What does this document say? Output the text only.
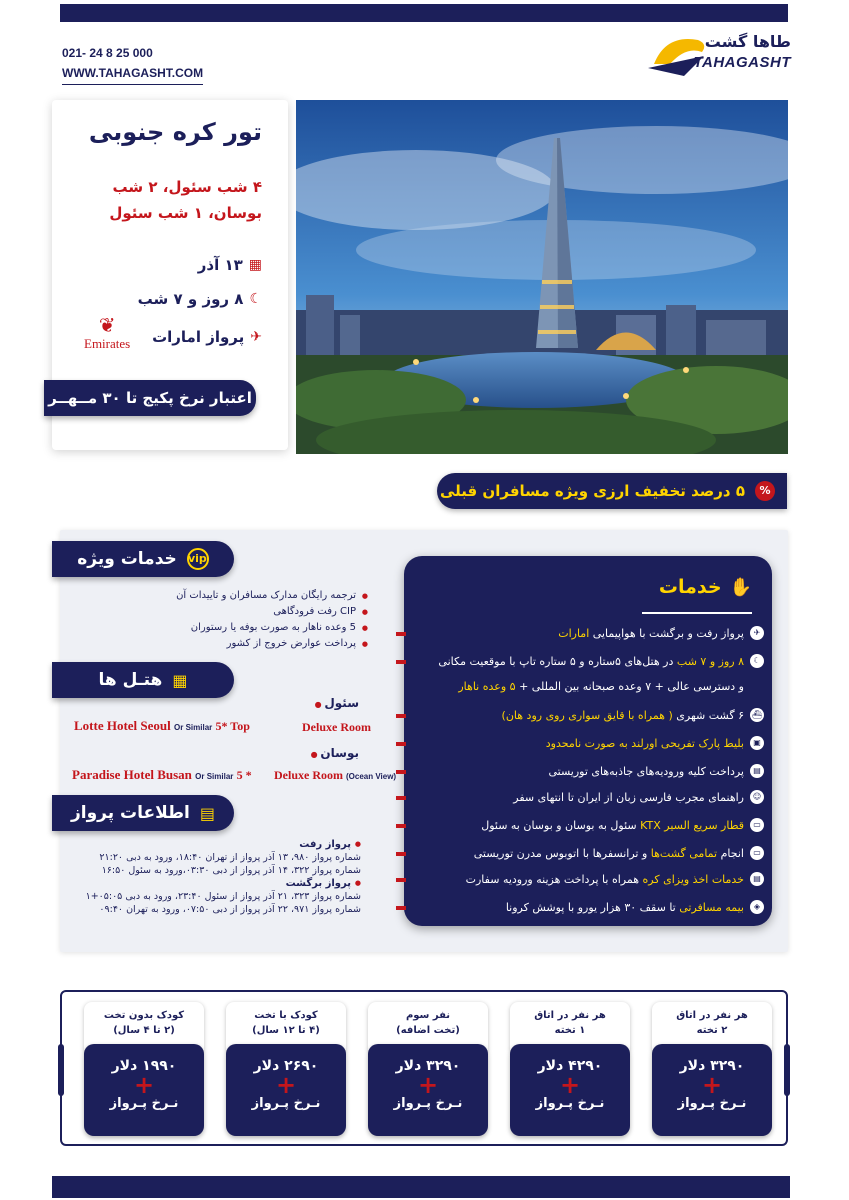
021- 24 8 25 000
WWW.TAHAGASHT.COM
طاها گشت
TAHAGASHT
تور کره جنوبی
۴ شب سئول، ۲ شب بوسان، ۱ شب سئول
▦
۱۳ آذر
☾
۸ روز و ۷ شب
✈
پرواز امارات
❦
Emirates
اعتبار نرخ پکیج تا ۳۰ مــهــر
%
۵ درصد تخفیف ارزی ویژه مسافران قبلی
vip
خدمات ویژه
● ترجمه رایگان مدارک مسافران و تاییدات آن
● CIP رفت فرودگاهی
● 5 وعده ناهار به صورت بوفه یا رستوران
● پرداخت عوارض خروج از کشور
▦
هتـل ها
سئول ●
Deluxe Room
Lotte Hotel Seoul Or Similar 5* Top
بوسان ●
Deluxe Room (Ocean View)
Paradise Hotel Busan Or Similar 5 *
▤
اطلاعات پرواز
● پرواز رفت
شماره پرواز ۹۸۰، ۱۳ آذر پرواز از تهران ۱۸:۴۰، ورود به دبی ۲۱:۲۰
شماره پرواز ۳۲۲، ۱۴ آذر پرواز از دبی ۰۳:۳۰،ورود به سئول ۱۶:۵۰
● پرواز برگشت
شماره پرواز ۳۲۳، ۲۱ آذر پرواز از سئول ۲۳:۴۰، ورود به دبی ۰۵:۰۵+۱
شماره پرواز ۹۷۱، ۲۲ آذر پرواز از دبی ۰۷:۵۰، ورود به تهران ۰۹:۴۰
✋
خدمات
✈
پرواز رفت و برگشت با هواپیمایی امارات
☾
۸ روز و ۷ شب در هتل‌های ۵ستاره و ۵ ستاره تاپ با موقعیت مکانی
و دسترسی عالی + ۷ وعده صبحانه بین المللی + ۵ وعده ناهار
⛴
۶ گشت شهری ( همراه با قایق سواری روی رود هان)
▣
بلیط پارک تفریحی اورلند به صورت نامحدود
▤
پرداخت کلیه ورودیه‌های جاذبه‌های توریستی
☺
راهنمای مجرب فارسی زبان از ایران تا انتهای سفر
▭
قطار سریع السیر KTX سئول به بوسان و بوسان به سئول
▭
انجام تمامی گشت‌ها و ترانسفرها با اتوبوس مدرن توریستی
▤
خدمات اخذ ویزای کره همراه با پرداخت هزینه ورودیه سفارت
◈
بیمه مسافرتی تا سقف ۳۰ هزار یورو با پوشش کرونا
هر نفر در اتاق
۲ تخته
۳۲۹۰ دلار
+
نـرخ پـرواز
هر نفر در اتاق
۱ تخته
۴۲۹۰ دلار
+
نـرخ پـرواز
نفر سوم
(تخت اضافه)
۳۲۹۰ دلار
+
نـرخ پـرواز
کودک با تخت
(۴ تا ۱۲ سال)
۲۶۹۰ دلار
+
نـرخ پـرواز
کودک بدون تخت
(۲ تا ۴ سال)
۱۹۹۰ دلار
+
نـرخ پـرواز
